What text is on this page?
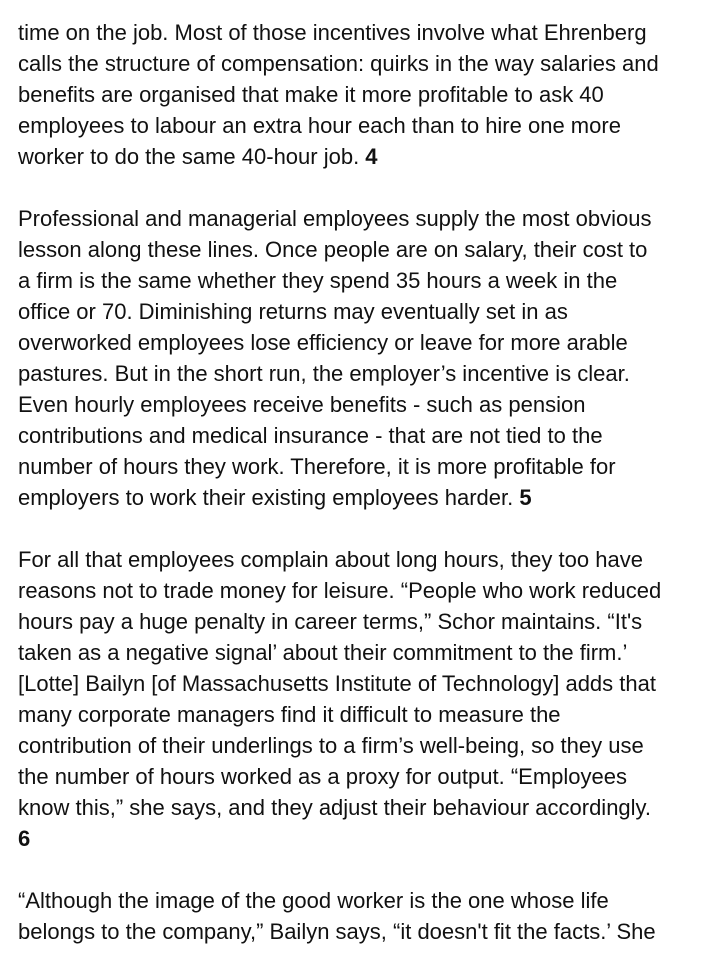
time on the job. Most of those incentives involve what Ehrenberg
calls the structure of compensation: quirks in the way salaries and
benefits are organised that make it more profitable to ask 40
employees to labour an extra hour each than to hire one more
worker to do the same 40-hour job. 4

Professional and managerial employees supply the most obvious
lesson along these lines. Once people are on salary, their cost to
a firm is the same whether they spend 35 hours a week in the
office or 70. Diminishing returns may eventually set in as
overworked employees lose efficiency or leave for more arable
pastures. But in the short run, the employer’s incentive is clear.
Even hourly employees receive benefits - such as pension
contributions and medical insurance - that are not tied to the
number of hours they work. Therefore, it is more profitable for
employers to work their existing employees harder. 5

For all that employees complain about long hours, they too have
reasons not to trade money for leisure. “People who work reduced
hours pay a huge penalty in career terms,” Schor maintains. “It's
taken as a negative signal’ about their commitment to the firm.’
[Lotte] Bailyn [of Massachusetts Institute of Technology] adds that
many corporate managers find it difficult to measure the
contribution of their underlings to a firm’s well-being, so they use
the number of hours worked as a proxy for output. “Employees
know this,” she says, and they adjust their behaviour accordingly.
6

“Although the image of the good worker is the one whose life
belongs to the company,” Bailyn says, “it doesn't fit the facts.’ She
